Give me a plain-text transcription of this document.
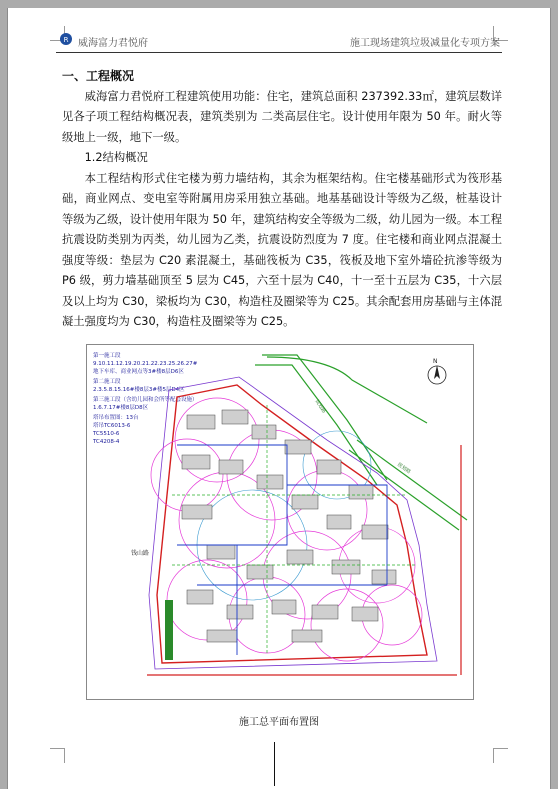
R 威海富力君悦府	施工现场建筑垃圾减量化专项方案

一、工程概况

威海富力君悦府工程建筑使用功能：住宅，建筑总面积 237392.33㎡，建筑层数详见各子项工程结构概况表，建筑类别为 二类高层住宅。设计使用年限为 50 年。耐火等级地上一级，地下一级。

1.2结构概况

本工程结构形式住宅楼为剪力墙结构，其余为框架结构。住宅楼基础形式为筏形基础，商业网点、变电室等附属用房采用独立基础。地基基础设计等级为乙级，桩基设计等级为乙级，设计使用年限为 50 年，建筑结构安全等级为二级，幼儿园为一级。本工程抗震设防类别为丙类，幼儿园为乙类，抗震设防烈度为 7 度。住宅楼和商业网点混凝土强度等级：垫层为 C20 素混凝土，基础筏板为 C35，筏板及地下室外墙砼抗渗等级为 P6 级，剪力墙基础顶至 5 层为 C45，六至十层为 C40，十一至十五层为 C35，十六层及以上均为 C30，梁板均为 C30，构造柱及圈梁等为 C25。其余配套用房基础与主体混凝土强度均为 C30，构造柱及圈梁等为 C25。

第一施工段
9.10.11.12.19.20.21.22.23.25.26.27#
地下车库、商业网点等3#楼8层D6区
第二施工段
2.3.5.8.15.16#楼8层3#楼5层D4区
第三施工段（含幼儿园和会所等配套设施）
1.6.7.17#楼8层D8区
塔吊布置图：13台
塔吊TC6013-6
TC5510-6
TC4208-4
N
规划路
规划路
钱山路
施工总平面布置图
